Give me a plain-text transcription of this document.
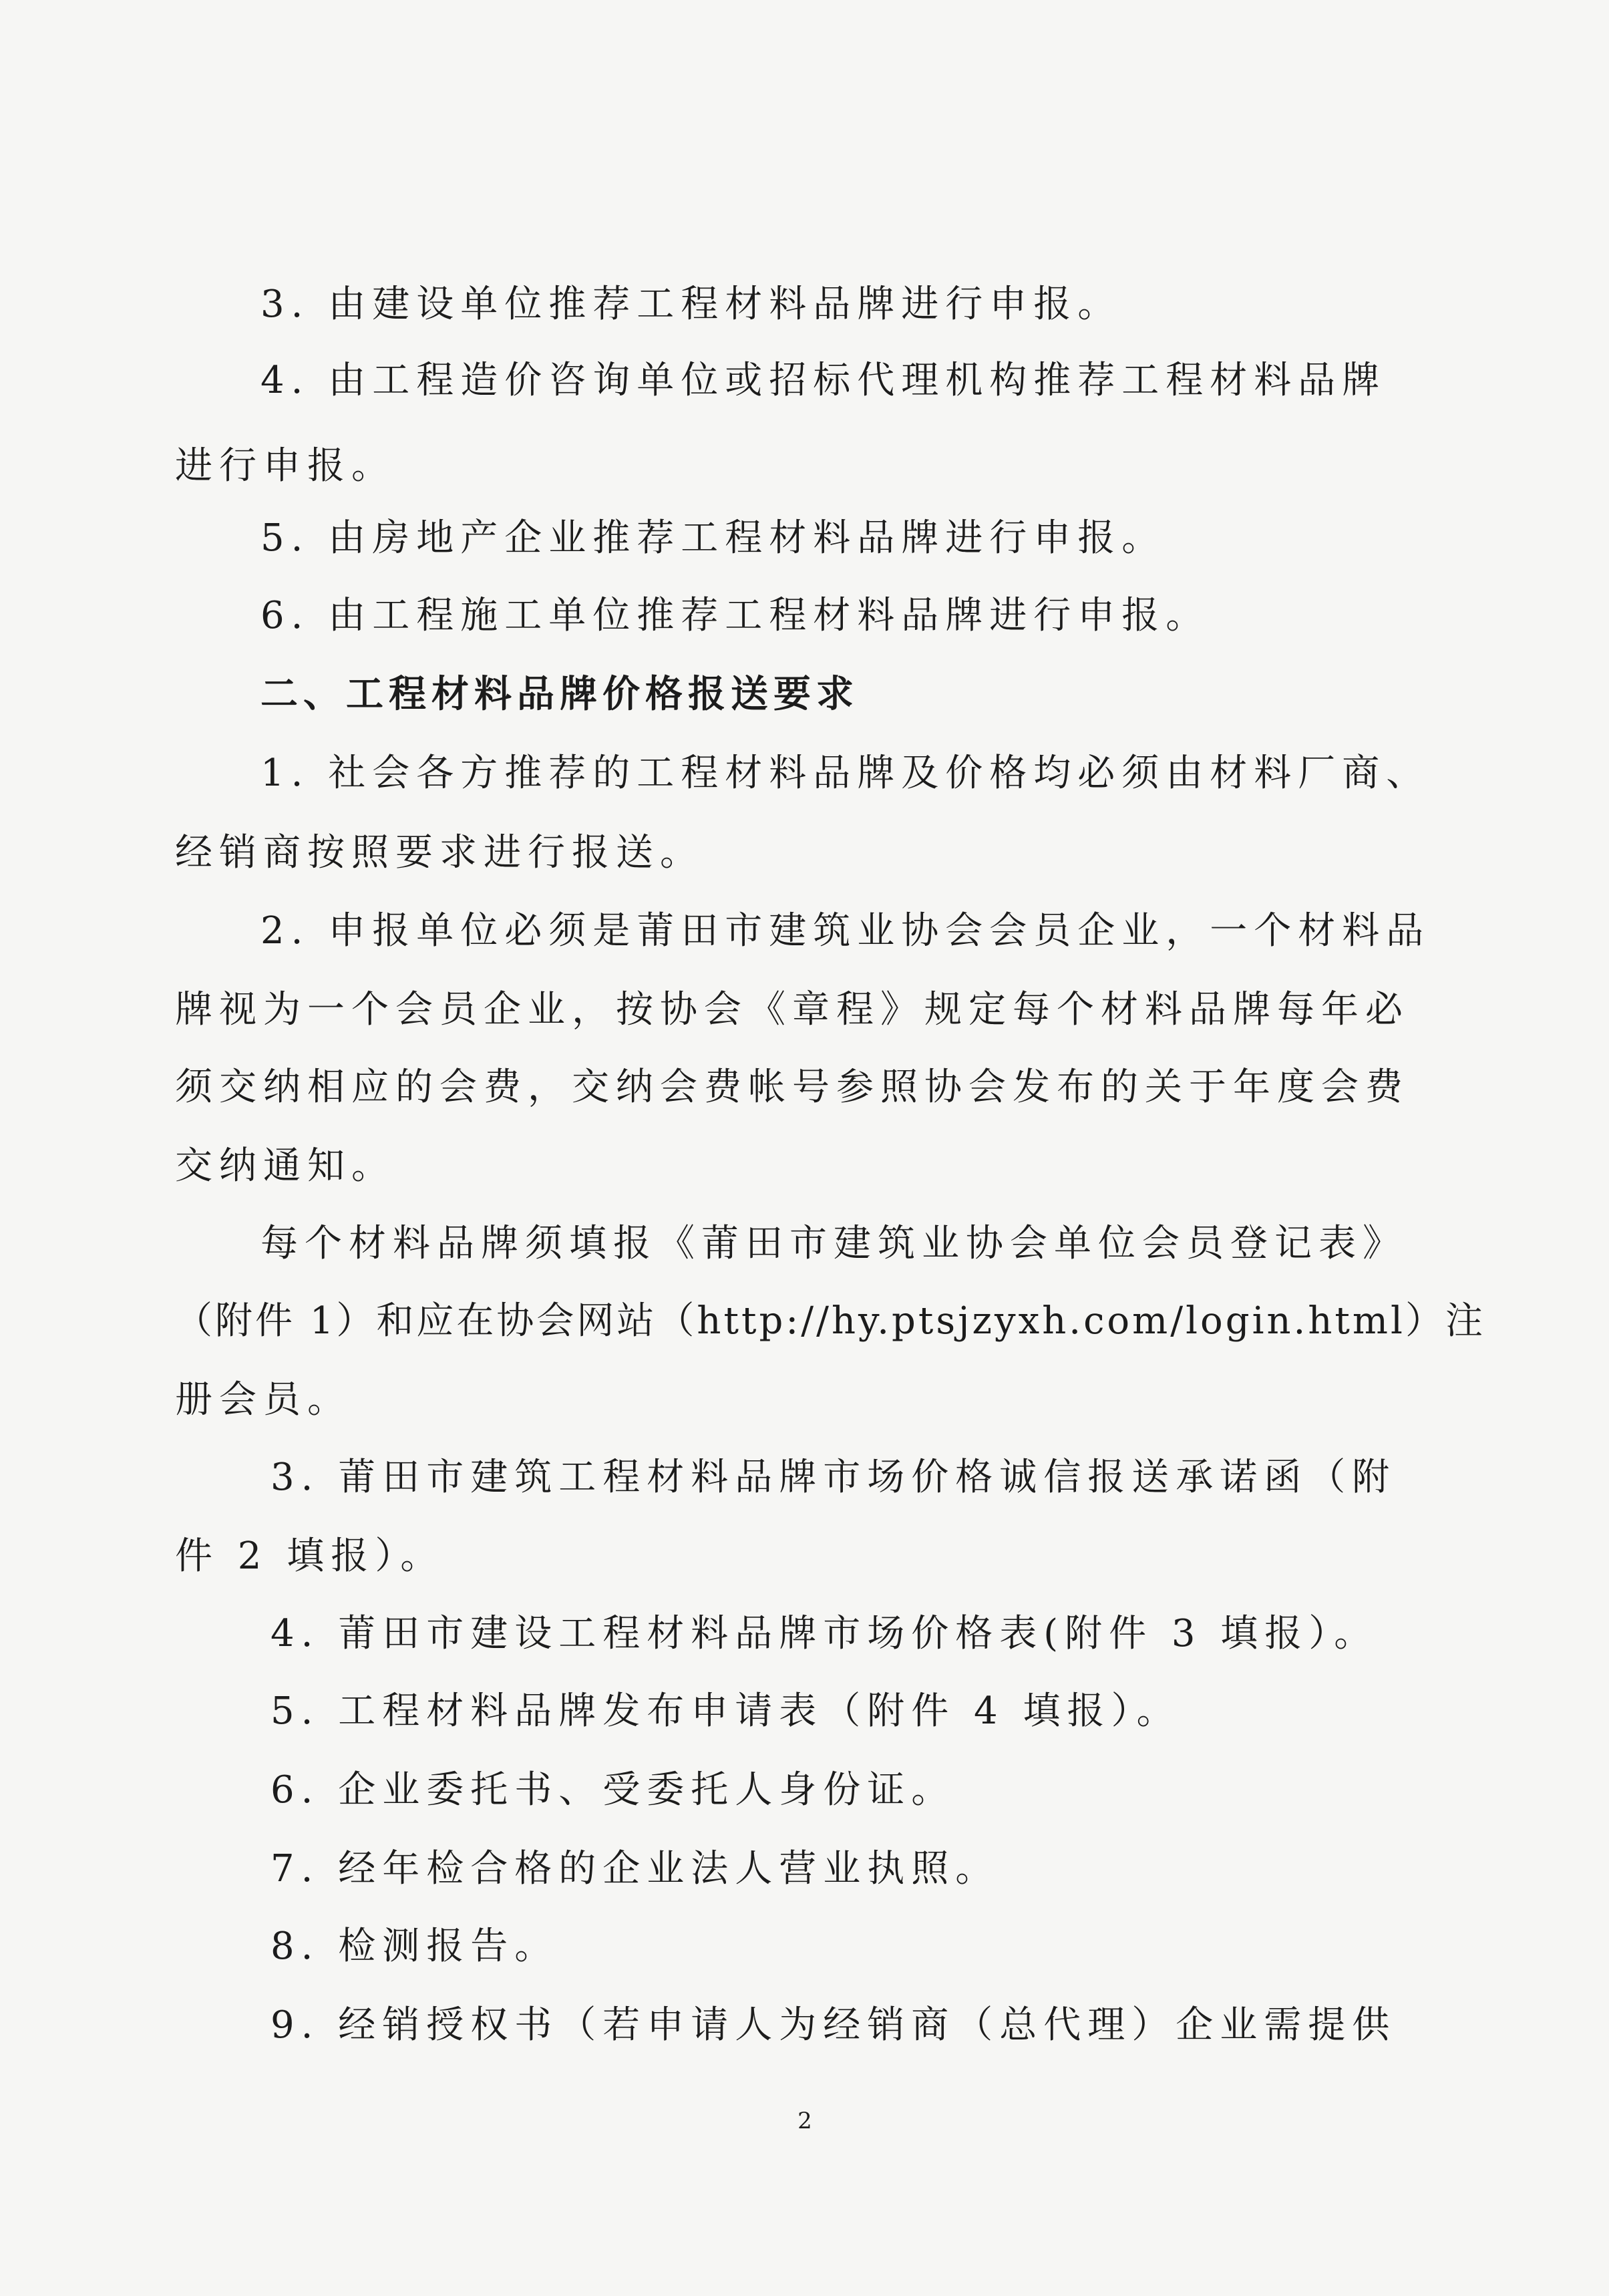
3. 由建设单位推荐工程材料品牌进行申报。
4. 由工程造价咨询单位或招标代理机构推荐工程材料品牌
进行申报。
5. 由房地产企业推荐工程材料品牌进行申报。
6. 由工程施工单位推荐工程材料品牌进行申报。
二、工程材料品牌价格报送要求
1. 社会各方推荐的工程材料品牌及价格均必须由材料厂商、
经销商按照要求进行报送。
2. 申报单位必须是莆田市建筑业协会会员企业，一个材料品
牌视为一个会员企业，按协会《章程》规定每个材料品牌每年必
须交纳相应的会费，交纳会费帐号参照协会发布的关于年度会费
交纳通知。
每个材料品牌须填报《莆田市建筑业协会单位会员登记表》
（附件 1）和应在协会网站（http://hy.ptsjzyxh.com/login.html）注
册会员。
3. 莆田市建筑工程材料品牌市场价格诚信报送承诺函（附
件 2 填报）。
4. 莆田市建设工程材料品牌市场价格表(附件 3 填报）。
5. 工程材料品牌发布申请表（附件 4 填报）。
6. 企业委托书、受委托人身份证。
7. 经年检合格的企业法人营业执照。
8. 检测报告。
9. 经销授权书（若申请人为经销商（总代理）企业需提供
2
